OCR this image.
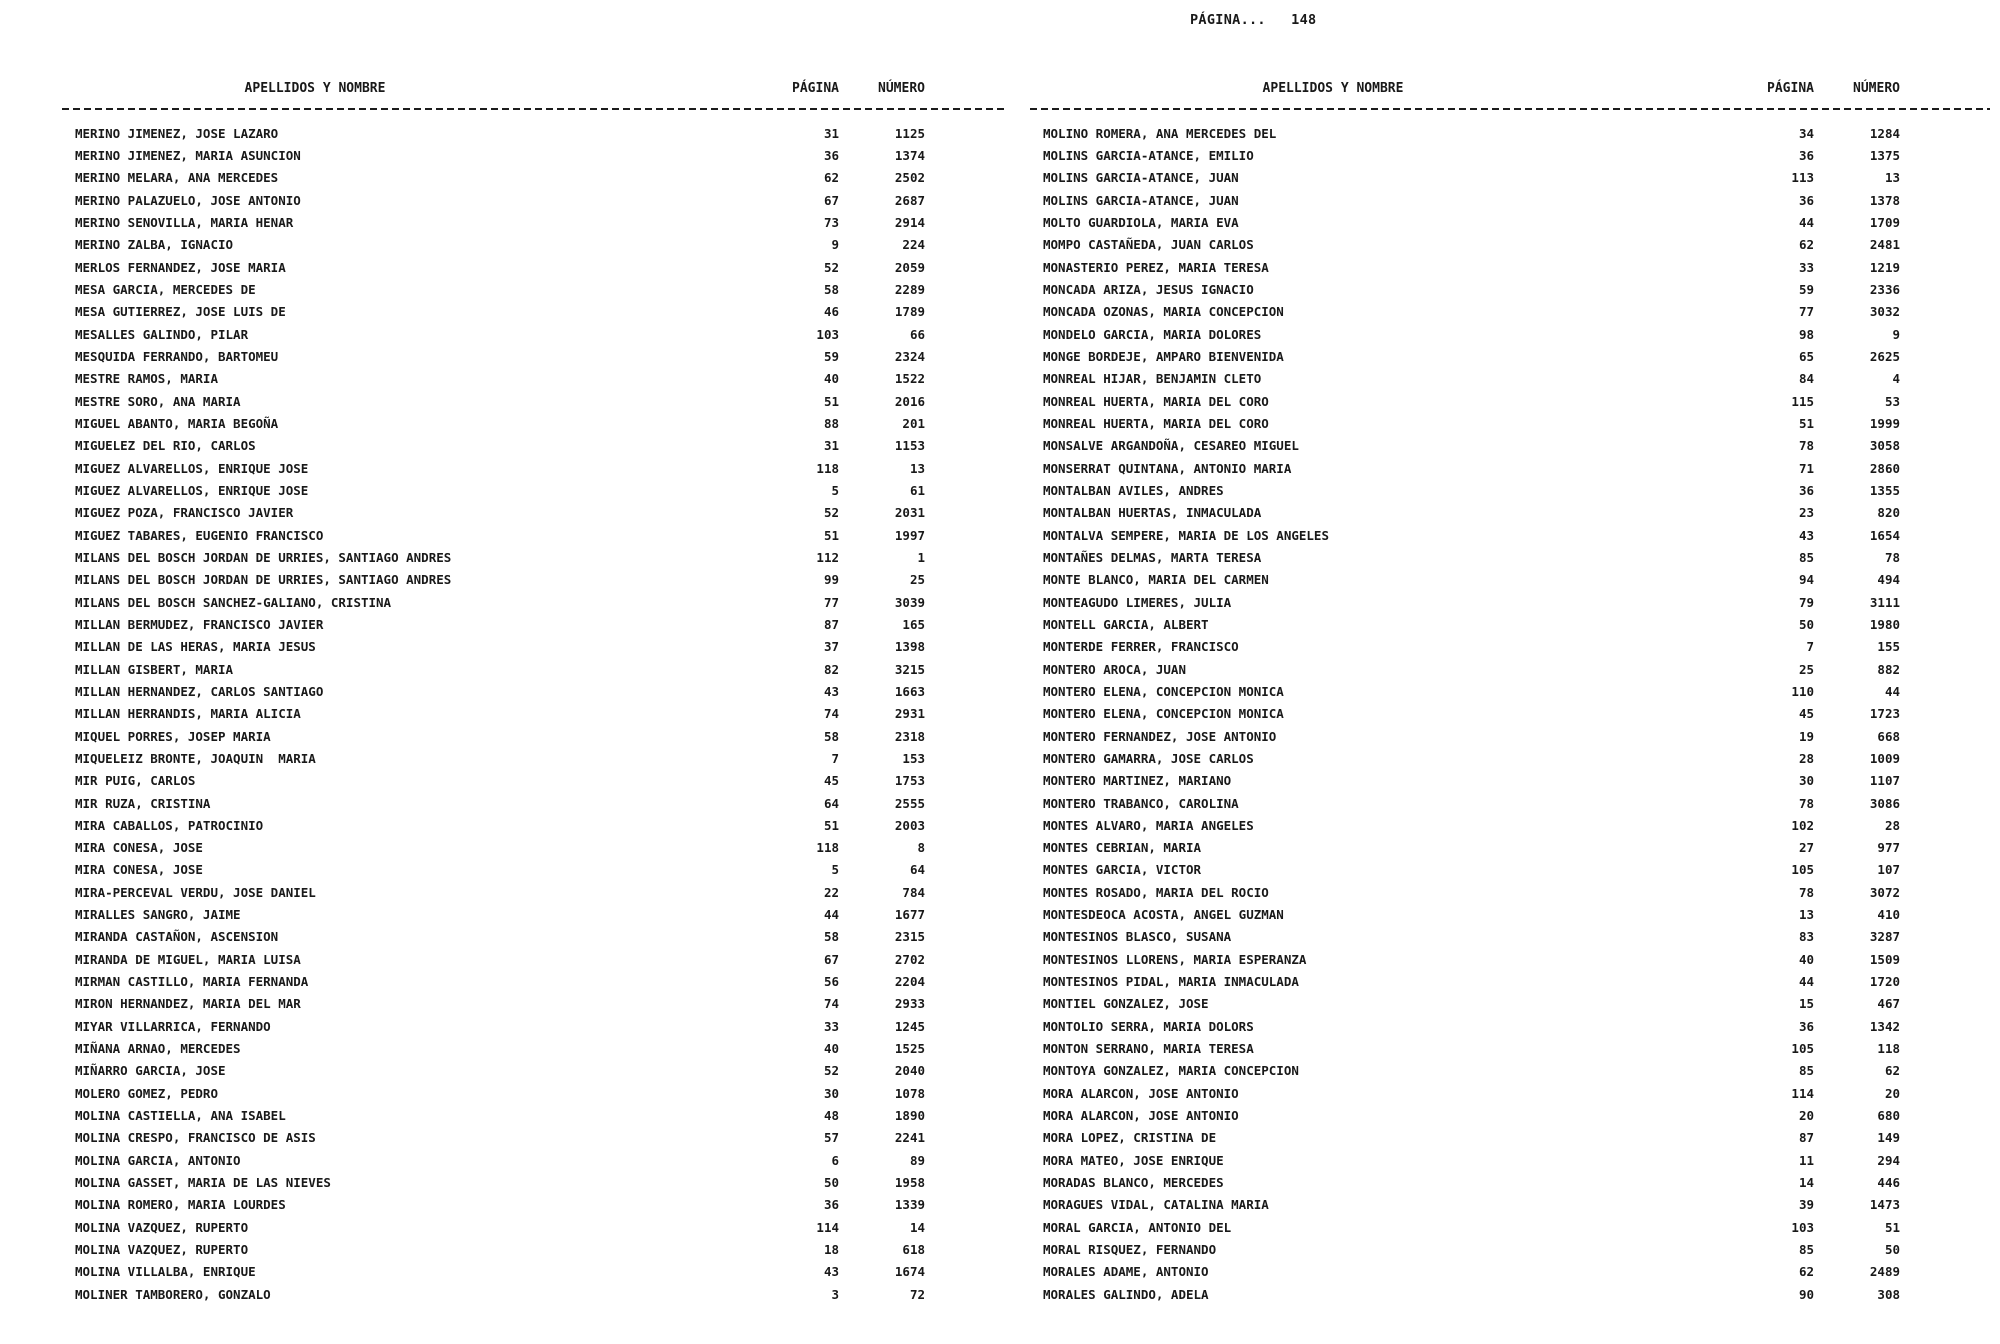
PÁGINA... 148
APELLIDOS Y NOMBRE	PÁGINA	NÚMERO
MERINO JIMENEZ, JOSE LAZARO	31	1125
MERINO JIMENEZ, MARIA ASUNCION	36	1374
MERINO MELARA, ANA MERCEDES	62	2502
MERINO PALAZUELO, JOSE ANTONIO	67	2687
MERINO SENOVILLA, MARIA HENAR	73	2914
MERINO ZALBA, IGNACIO	9	224
MERLOS FERNANDEZ, JOSE MARIA	52	2059
MESA GARCIA, MERCEDES DE	58	2289
MESA GUTIERREZ, JOSE LUIS DE	46	1789
MESALLES GALINDO, PILAR	103	66
MESQUIDA FERRANDO, BARTOMEU	59	2324
MESTRE RAMOS, MARIA	40	1522
MESTRE SORO, ANA MARIA	51	2016
MIGUEL ABANTO, MARIA BEGOÑA	88	201
MIGUELEZ DEL RIO, CARLOS	31	1153
MIGUEZ ALVARELLOS, ENRIQUE JOSE	118	13
MIGUEZ ALVARELLOS, ENRIQUE JOSE	5	61
MIGUEZ POZA, FRANCISCO JAVIER	52	2031
MIGUEZ TABARES, EUGENIO FRANCISCO	51	1997
MILANS DEL BOSCH JORDAN DE URRIES, SANTIAGO ANDRES	112	1
MILANS DEL BOSCH JORDAN DE URRIES, SANTIAGO ANDRES	99	25
MILANS DEL BOSCH SANCHEZ-GALIANO, CRISTINA	77	3039
MILLAN BERMUDEZ, FRANCISCO JAVIER	87	165
MILLAN DE LAS HERAS, MARIA JESUS	37	1398
MILLAN GISBERT, MARIA	82	3215
MILLAN HERNANDEZ, CARLOS SANTIAGO	43	1663
MILLAN HERRANDIS, MARIA ALICIA	74	2931
MIQUEL PORRES, JOSEP MARIA	58	2318
MIQUELEIZ BRONTE, JOAQUIN  MARIA	7	153
MIR PUIG, CARLOS	45	1753
MIR RUZA, CRISTINA	64	2555
MIRA CABALLOS, PATROCINIO	51	2003
MIRA CONESA, JOSE	118	8
MIRA CONESA, JOSE	5	64
MIRA-PERCEVAL VERDU, JOSE DANIEL	22	784
MIRALLES SANGRO, JAIME	44	1677
MIRANDA CASTAÑON, ASCENSION	58	2315
MIRANDA DE MIGUEL, MARIA LUISA	67	2702
MIRMAN CASTILLO, MARIA FERNANDA	56	2204
MIRON HERNANDEZ, MARIA DEL MAR	74	2933
MIYAR VILLARRICA, FERNANDO	33	1245
MIÑANA ARNAO, MERCEDES	40	1525
MIÑARRO GARCIA, JOSE	52	2040
MOLERO GOMEZ, PEDRO	30	1078
MOLINA CASTIELLA, ANA ISABEL	48	1890
MOLINA CRESPO, FRANCISCO DE ASIS	57	2241
MOLINA GARCIA, ANTONIO	6	89
MOLINA GASSET, MARIA DE LAS NIEVES	50	1958
MOLINA ROMERO, MARIA LOURDES	36	1339
MOLINA VAZQUEZ, RUPERTO	114	14
MOLINA VAZQUEZ, RUPERTO	18	618
MOLINA VILLALBA, ENRIQUE	43	1674
MOLINER TAMBORERO, GONZALO	3	72
APELLIDOS Y NOMBRE	PÁGINA	NÚMERO
MOLINO ROMERA, ANA MERCEDES DEL	34	1284
MOLINS GARCIA-ATANCE, EMILIO	36	1375
MOLINS GARCIA-ATANCE, JUAN	113	13
MOLINS GARCIA-ATANCE, JUAN	36	1378
MOLTO GUARDIOLA, MARIA EVA	44	1709
MOMPO CASTAÑEDA, JUAN CARLOS	62	2481
MONASTERIO PEREZ, MARIA TERESA	33	1219
MONCADA ARIZA, JESUS IGNACIO	59	2336
MONCADA OZONAS, MARIA CONCEPCION	77	3032
MONDELO GARCIA, MARIA DOLORES	98	9
MONGE BORDEJE, AMPARO BIENVENIDA	65	2625
MONREAL HIJAR, BENJAMIN CLETO	84	4
MONREAL HUERTA, MARIA DEL CORO	115	53
MONREAL HUERTA, MARIA DEL CORO	51	1999
MONSALVE ARGANDOÑA, CESAREO MIGUEL	78	3058
MONSERRAT QUINTANA, ANTONIO MARIA	71	2860
MONTALBAN AVILES, ANDRES	36	1355
MONTALBAN HUERTAS, INMACULADA	23	820
MONTALVA SEMPERE, MARIA DE LOS ANGELES	43	1654
MONTAÑES DELMAS, MARTA TERESA	85	78
MONTE BLANCO, MARIA DEL CARMEN	94	494
MONTEAGUDO LIMERES, JULIA	79	3111
MONTELL GARCIA, ALBERT	50	1980
MONTERDE FERRER, FRANCISCO	7	155
MONTERO AROCA, JUAN	25	882
MONTERO ELENA, CONCEPCION MONICA	110	44
MONTERO ELENA, CONCEPCION MONICA	45	1723
MONTERO FERNANDEZ, JOSE ANTONIO	19	668
MONTERO GAMARRA, JOSE CARLOS	28	1009
MONTERO MARTINEZ, MARIANO	30	1107
MONTERO TRABANCO, CAROLINA	78	3086
MONTES ALVARO, MARIA ANGELES	102	28
MONTES CEBRIAN, MARIA	27	977
MONTES GARCIA, VICTOR	105	107
MONTES ROSADO, MARIA DEL ROCIO	78	3072
MONTESDEOCA ACOSTA, ANGEL GUZMAN	13	410
MONTESINOS BLASCO, SUSANA	83	3287
MONTESINOS LLORENS, MARIA ESPERANZA	40	1509
MONTESINOS PIDAL, MARIA INMACULADA	44	1720
MONTIEL GONZALEZ, JOSE	15	467
MONTOLIO SERRA, MARIA DOLORS	36	1342
MONTON SERRANO, MARIA TERESA	105	118
MONTOYA GONZALEZ, MARIA CONCEPCION	85	62
MORA ALARCON, JOSE ANTONIO	114	20
MORA ALARCON, JOSE ANTONIO	20	680
MORA LOPEZ, CRISTINA DE	87	149
MORA MATEO, JOSE ENRIQUE	11	294
MORADAS BLANCO, MERCEDES	14	446
MORAGUES VIDAL, CATALINA MARIA	39	1473
MORAL GARCIA, ANTONIO DEL	103	51
MORAL RISQUEZ, FERNANDO	85	50
MORALES ADAME, ANTONIO	62	2489
MORALES GALINDO, ADELA	90	308
